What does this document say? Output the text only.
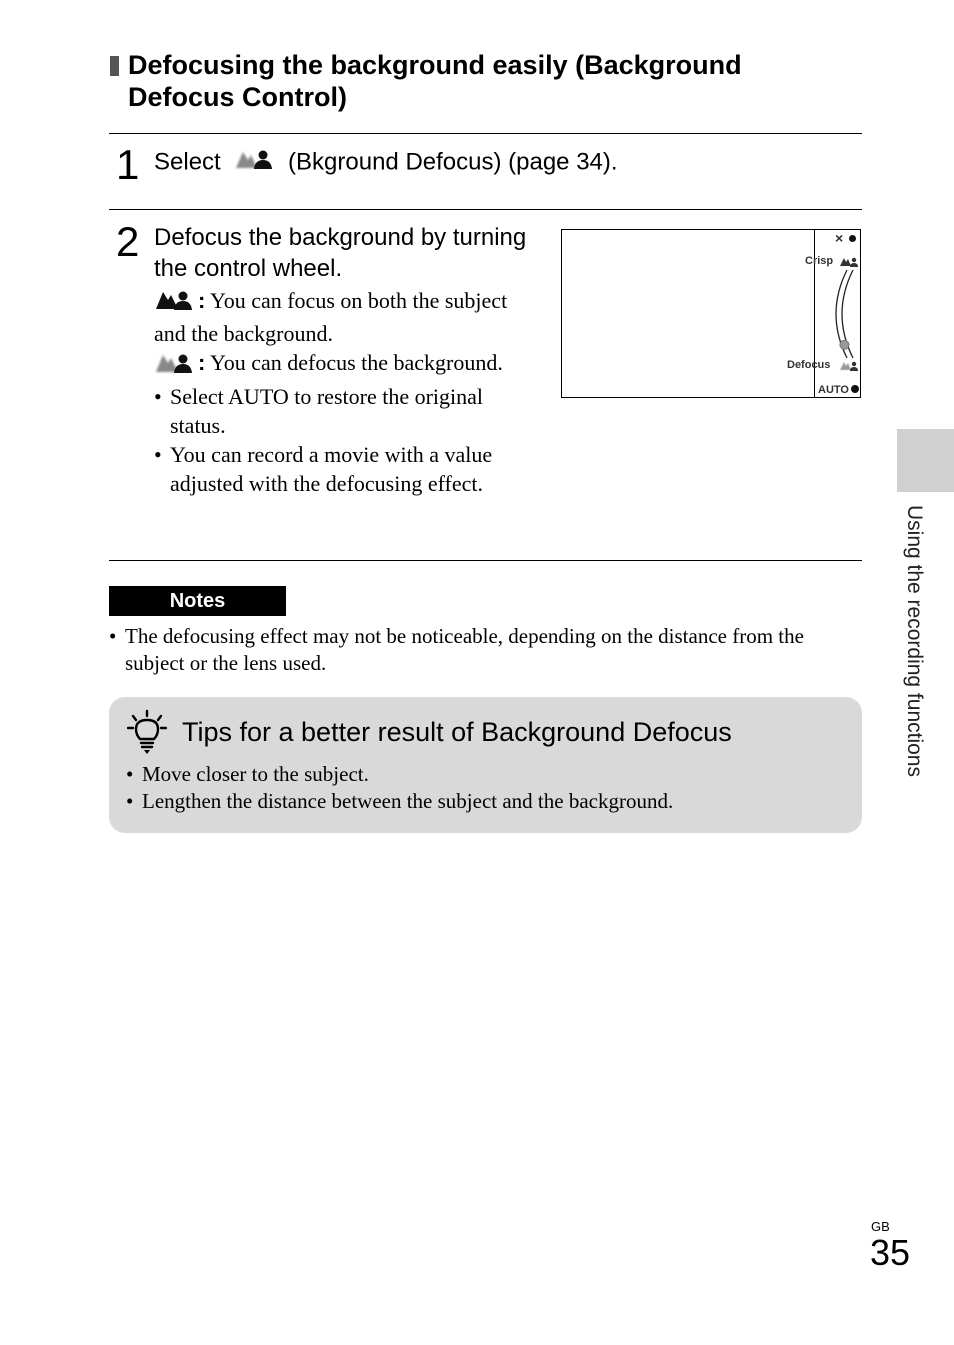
Defocusing the background easily (Background Defocus Control)
1 Select	(Bkground Defocus) (page 34).
2 Defocus the background by turning the control wheel.

: You can focus on both the subject and the background.

: You can defocus the background.

• Select AUTO to restore the original status.
• You can record a movie with a value adjusted with the defocusing effect.
×
Crisp
Defocus
AUTO
Notes
• The defocusing effect may not be noticeable, depending on the distance from the subject or the lens used.
Tips for a better result of Background Defocus
• Move closer to the subject.
• Lengthen the distance between the subject and the background.
Using the recording functions
GB
35
